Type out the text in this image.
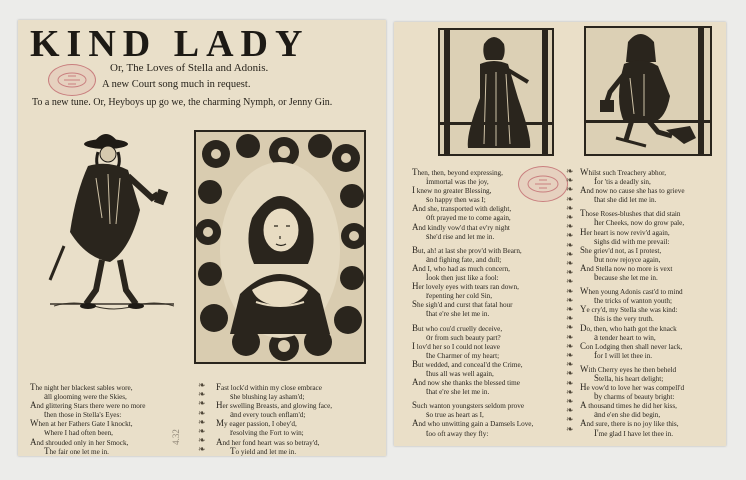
KIND LADY
Or, The Loves of Stella and Adonis.
A new Court song much in request.
To a new tune. Or, Heyboys up go we, the charming Nymph, or Jenny Gin.
The night her blackest sables wore,
all glooming were the Skies,
And glittering Stars there were no more
then those in Stella's Eyes:
When at her Fathers Gate I knockt,
where I had often been,
And shrouded only in her Smock,
The fair one let me in.
❧
❧
❧
❧
❧
❧
❧
❧
4.32
Fast lock'd within my close embrace
she blushing lay asham'd;
Her swelling Breasts, and glowing face,
and every touch enflam'd;
My eager passion, I obey'd,
resolving the Fort to win;
And her fond heart was so betray'd,
To yield and let me in.
Then, then, beyond expressing,
immortal was the joy,
I knew no greater Blessing,
so happy then was I;
And she, transported with delight,
oft prayed me to come again,
And kindly vow'd that ev'ry night
she'd rise and let me in.
But, ah! at last she prov'd with Bearn,
and fighing fate, and dull;
And I, who had as much concern,
look then just like a fool:
Her lovely eyes with tears ran down,
repenting her cold Sin,
She sigh'd and curst that fatal hour
that e're she let me in.
But who cou'd cruelly deceive,
or from such beauty part?
I lov'd her so I could not leave
the Charmer of my heart;
But wedded, and conceal'd the Crime,
thus all was well again,
And now she thanks the blessed time
that e're she let me in.
Such wanton youngsters seldom prove
so true as heart as I,
And who unwitting gain a Damsels Love,
too oft away they fly:
❧
❧
❧
❧
❧
❧
❧
❧
❧
❧
❧
❧
❧
❧
❧
❧
❧
❧
❧
❧
❧
❧
❧
❧
❧
❧
❧
❧
❧
Whilst such Treachery abhor,
for 'tis a deadly sin,
And now no cause she has to grieve
that she did let me in.
Those Roses-blushes that did stain
her Cheeks, now do grow pale,
Her heart is now reviv'd again,
sighs did with me prevail:
She griev'd not, as I protest,
but now rejoyce again,
And Stella now no more is vext
because she let me in.
When young Adonis cast'd to mind
the tricks of wanton youth;
Ye cry'd, my Stella she was kind:
this is the very truth.
Do, then, who hath got the knack
a tender heart to win,
Con Lodging then shall never lack,
for I will let thee in.
With Cherry eyes he then beheld
Stella, his heart delight;
He vow'd to love her was compell'd
by charms of beauty bright:
A thousand times he did her kiss,
and e'en she did begin,
And sure, there is no joy like this,
I'me glad I have let thee in.
